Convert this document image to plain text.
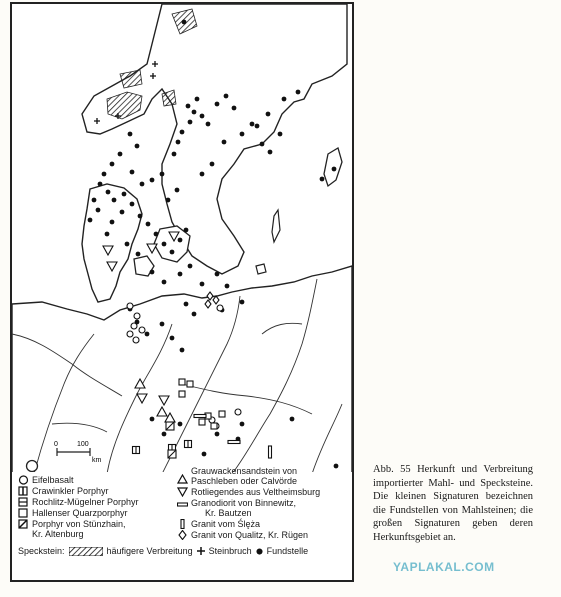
0	100
km
Eifelbasalt
Crawinkler Porphyr
Rochlitz-Mügelner Porphyr
Hallenser Quarzporphyr
Porphyr von Stünzhain,
Kr. Altenburg
Grauwackensandstein von
Paschleben oder Calvörde
Rotliegendes aus Veltheimsburg
Granodiorit von Binnewitz,
Kr. Bautzen
Granit vom Ślęża
Granit von Qualitz, Kr. Rügen
Speckstein:	häufigere Verbreitung Steinbruch Fundstelle
Abb. 55 Herkunft und Verbreitung importierter Mahl- und Specksteine. Die kleinen Signaturen bezeichnen die Fundstellen von Mahlsteinen; die großen Signaturen geben deren Herkunftsgebiet an.
YAPLAKAL.COM
